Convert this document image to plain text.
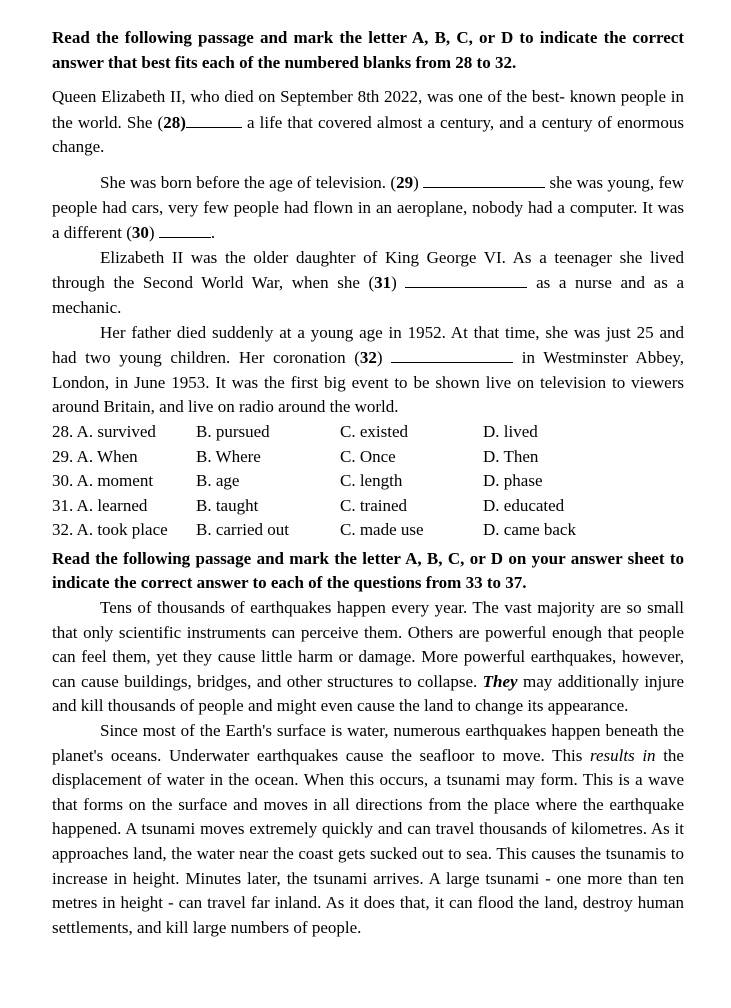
Read the following passage and mark the letter A, B, C, or D to indicate the correct answer that best fits each of the numbered blanks from 28 to 32.

Queen Elizabeth II, who died on September 8th 2022, was one of the best- known people in the world. She (28)	a life that covered almost a century, and a century of enormous change.

She was born before the age of television. (29)	she was young, few people had cars, very few people had flown in an aeroplane, nobody had a computer. It was a different (30)	.

Elizabeth II was the older daughter of King George VI. As a teenager she lived through the Second World War, when she (31)	as a nurse and as a mechanic.

Her father died suddenly at a young age in 1952. At that time, she was just 25 and had two young children. Her coronation (32)	in Westminster Abbey, London, in June 1953. It was the first big event to be shown live on television to viewers around Britain, and live on radio around the world.

28. A. survived	B. pursued	C. existed	D. lived
29. A. When	B. Where	C. Once	D. Then
30. A. moment	B. age	C. length	D. phase
31. A. learned	B. taught	C. trained	D. educated
32. A. took place	B. carried out	C. made use	D. came back

Read the following passage and mark the letter A, B, C, or D on your answer sheet to indicate the correct answer to each of the questions from 33 to 37.

Tens of thousands of earthquakes happen every year. The vast majority are so small that only scientific instruments can perceive them. Others are powerful enough that people can feel them, yet they cause little harm or damage. More powerful earthquakes, however, can cause buildings, bridges, and other structures to collapse. They may additionally injure and kill thousands of people and might even cause the land to change its appearance.

Since most of the Earth's surface is water, numerous earthquakes happen beneath the planet's oceans. Underwater earthquakes cause the seafloor to move. This results in the displacement of water in the ocean. When this occurs, a tsunami may form. This is a wave that forms on the surface and moves in all directions from the place where the earthquake happened. A tsunami moves extremely quickly and can travel thousands of kilometres. As it approaches land, the water near the coast gets sucked out to sea. This causes the tsunamis to increase in height. Minutes later, the tsunami arrives. A large tsunami - one more than ten metres in height - can travel far inland. As it does that, it can flood the land, destroy human settlements, and kill large numbers of people.
